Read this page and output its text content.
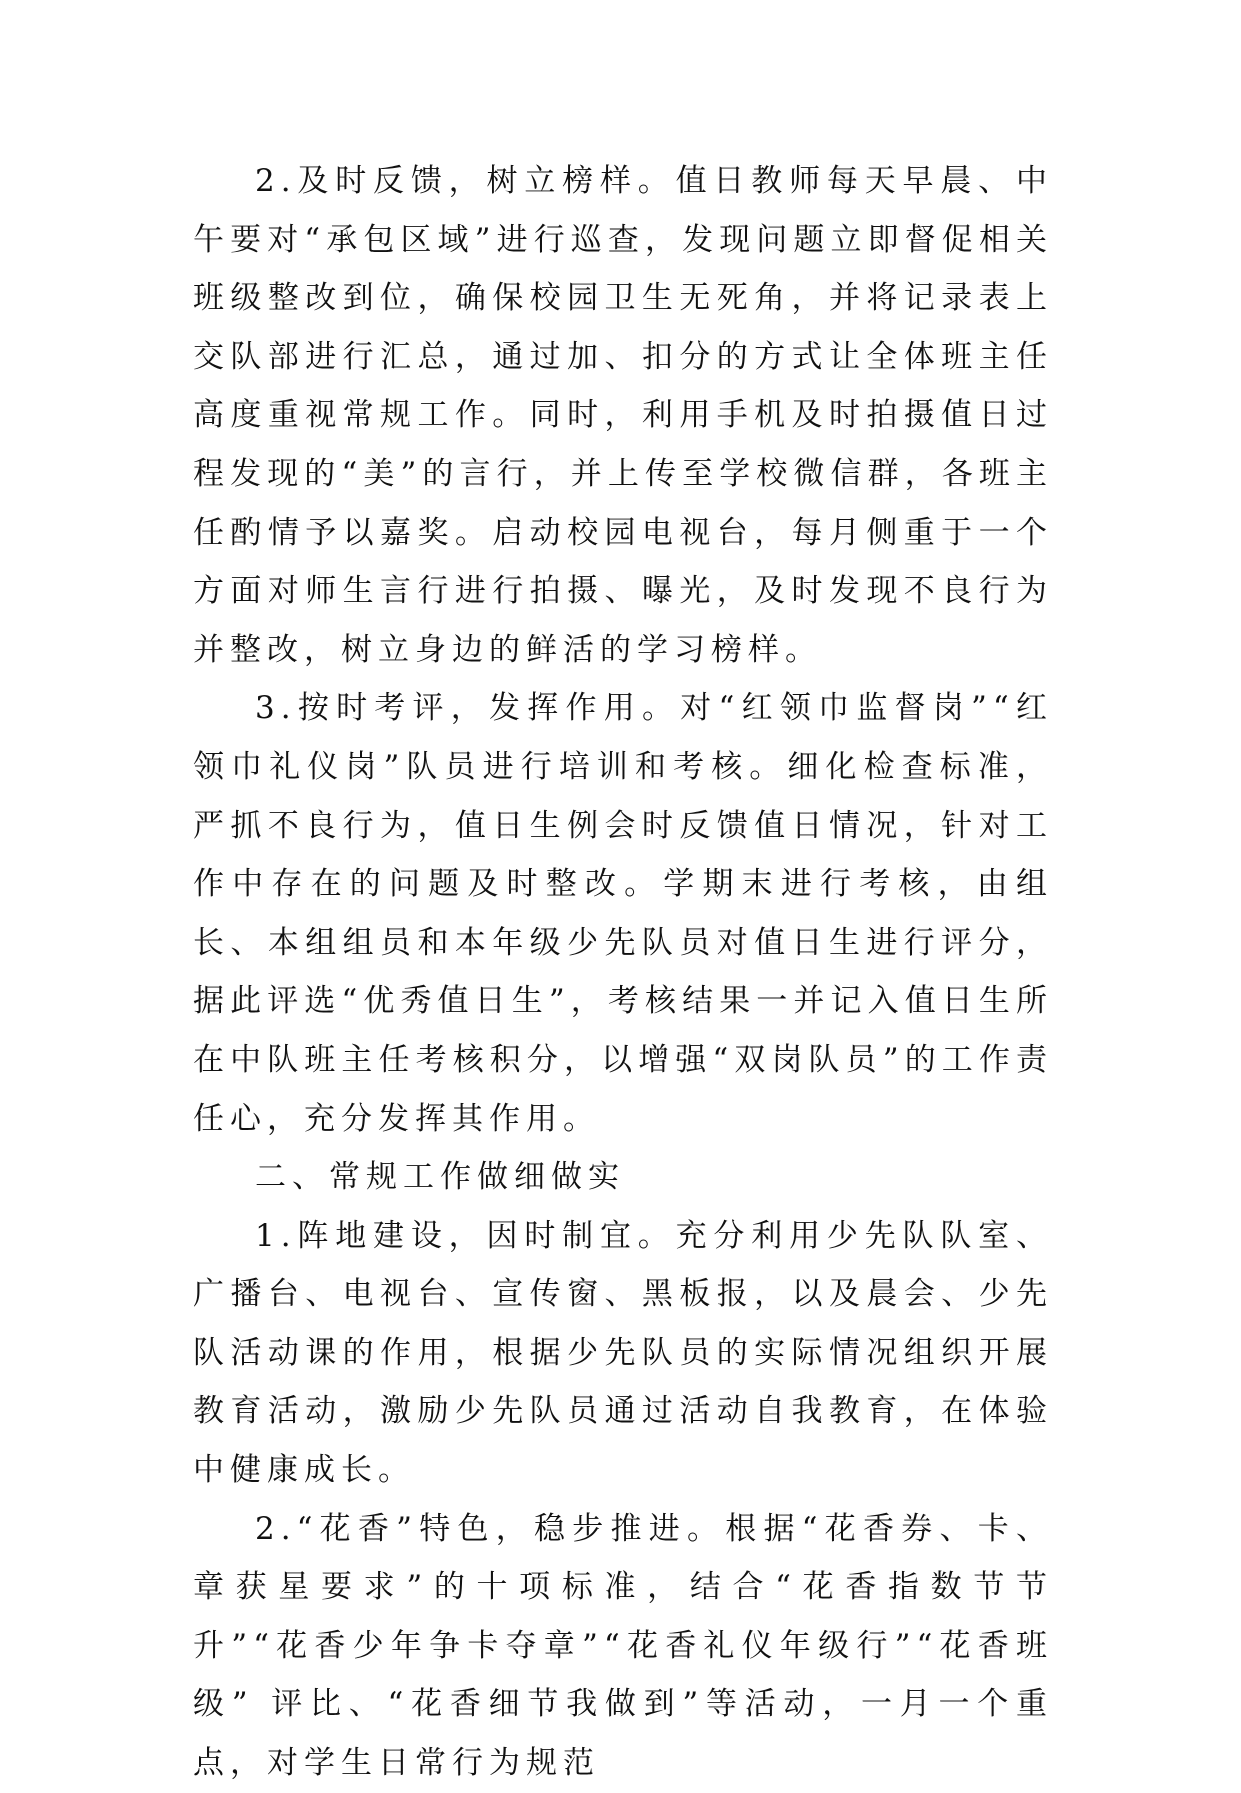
2.及时反馈，树立榜样。值日教师每天早晨、中午要对“承包区域”进行巡查，发现问题立即督促相关班级整改到位，确保校园卫生无死角，并将记录表上交队部进行汇总，通过加、扣分的方式让全体班主任高度重视常规工作。同时，利用手机及时拍摄值日过程发现的“美”的言行，并上传至学校微信群，各班主任酌情予以嘉奖。启动校园电视台，每月侧重于一个方面对师生言行进行拍摄、曝光，及时发现不良行为并整改，树立身边的鲜活的学习榜样。

3.按时考评，发挥作用。对“红领巾监督岗”“红领巾礼仪岗”队员进行培训和考核。细化检查标准，严抓不良行为，值日生例会时反馈值日情况，针对工作中存在的问题及时整改。学期末进行考核，由组长、本组组员和本年级少先队员对值日生进行评分，据此评选“优秀值日生”，考核结果一并记入值日生所在中队班主任考核积分，以增强“双岗队员”的工作责任心，充分发挥其作用。

二、常规工作做细做实

1.阵地建设，因时制宜。充分利用少先队队室、广播台、电视台、宣传窗、黑板报，以及晨会、少先队活动课的作用，根据少先队员的实际情况组织开展教育活动，激励少先队员通过活动自我教育，在体验中健康成长。

2.“花香”特色，稳步推进。根据“花香券、卡、章获星要求”的十项标准，结合“花香指数节节升”“花香少年争卡夺章”“花香礼仪年级行”“花香班级” 评比、“花香细节我做到”等活动，一月一个重点，对学生日常行为规范
